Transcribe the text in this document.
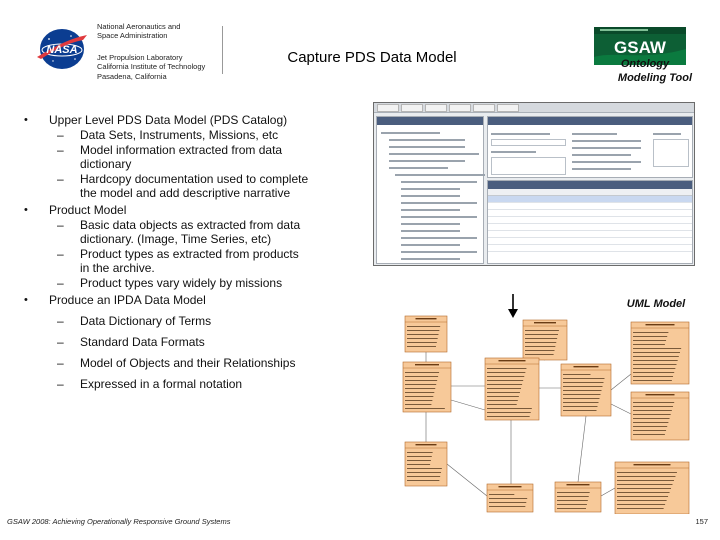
NASA
National Aeronautics and
Space Administration
Jet Propulsion Laboratory
California Institute of Technology
Pasadena, California
Capture PDS Data Model
GSAW
Ontology
Modeling Tool
• Upper Level PDS Data Model (PDS Catalog)
– Data Sets, Instruments, Missions, etc
– Model information extracted from data
dictionary
– Hardcopy documentation used to complete
the model and add descriptive narrative
• Product Model
– Basic data objects as extracted from data
dictionary. (Image, Time Series, etc)
– Product types as extracted from products
in the archive.
– Product types vary widely by missions
• Produce an IPDA Data Model
– Data Dictionary of Terms
– Standard Data Formats
– Model of Objects and their Relationships
– Expressed in a formal notation
UML Model
GSAW 2008: Achieving Operationally Responsive Ground Systems	157
